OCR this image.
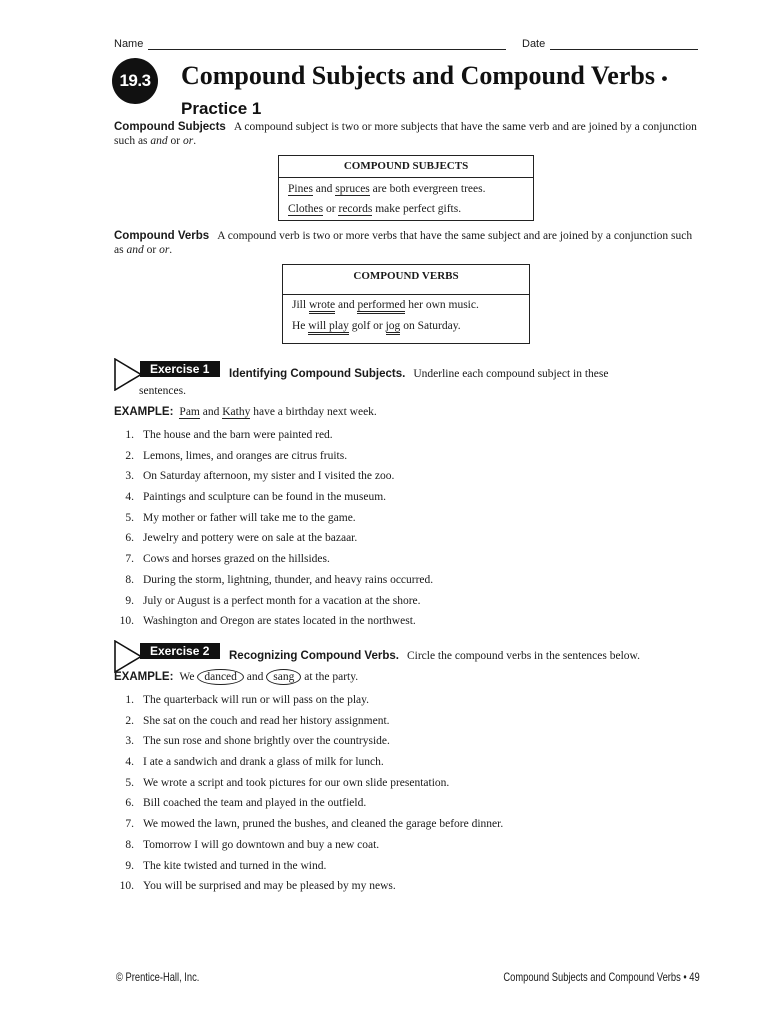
Name	Date
19.3 Compound Subjects and Compound Verbs • Practice 1
Compound Subjects A compound subject is two or more subjects that have the same verb and are joined by a conjunction such as and or or.
COMPOUND SUBJECTS
Pines and spruces are both evergreen trees.
Clothes or records make perfect gifts.
Compound Verbs A compound verb is two or more verbs that have the same subject and are joined by a conjunction such as and or or.
COMPOUND VERBS
Jill wrote and performed her own music.
He will play golf or jog on Saturday.
Exercise 1	Identifying Compound Subjects. Underline each compound subject in these
sentences.
EXAMPLE: Pam and Kathy have a birthday next week.
1. The house and the barn were painted red.
2. Lemons, limes, and oranges are citrus fruits.
3. On Saturday afternoon, my sister and I visited the zoo.
4. Paintings and sculpture can be found in the museum.
5. My mother or father will take me to the game.
6. Jewelry and pottery were on sale at the bazaar.
7. Cows and horses grazed on the hillsides.
8. During the storm, lightning, thunder, and heavy rains occurred.
9. July or August is a perfect month for a vacation at the shore.
10. Washington and Oregon are states located in the northwest.
Exercise 2	Recognizing Compound Verbs. Circle the compound verbs in the sentences below.
EXAMPLE: We danced and sang at the party.
1. The quarterback will run or will pass on the play.
2. She sat on the couch and read her history assignment.
3. The sun rose and shone brightly over the countryside.
4. I ate a sandwich and drank a glass of milk for lunch.
5. We wrote a script and took pictures for our own slide presentation.
6. Bill coached the team and played in the outfield.
7. We mowed the lawn, pruned the bushes, and cleaned the garage before dinner.
8. Tomorrow I will go downtown and buy a new coat.
9. The kite twisted and turned in the wind.
10. You will be surprised and may be pleased by my news.
© Prentice-Hall, Inc.	Compound Subjects and Compound Verbs • 49
